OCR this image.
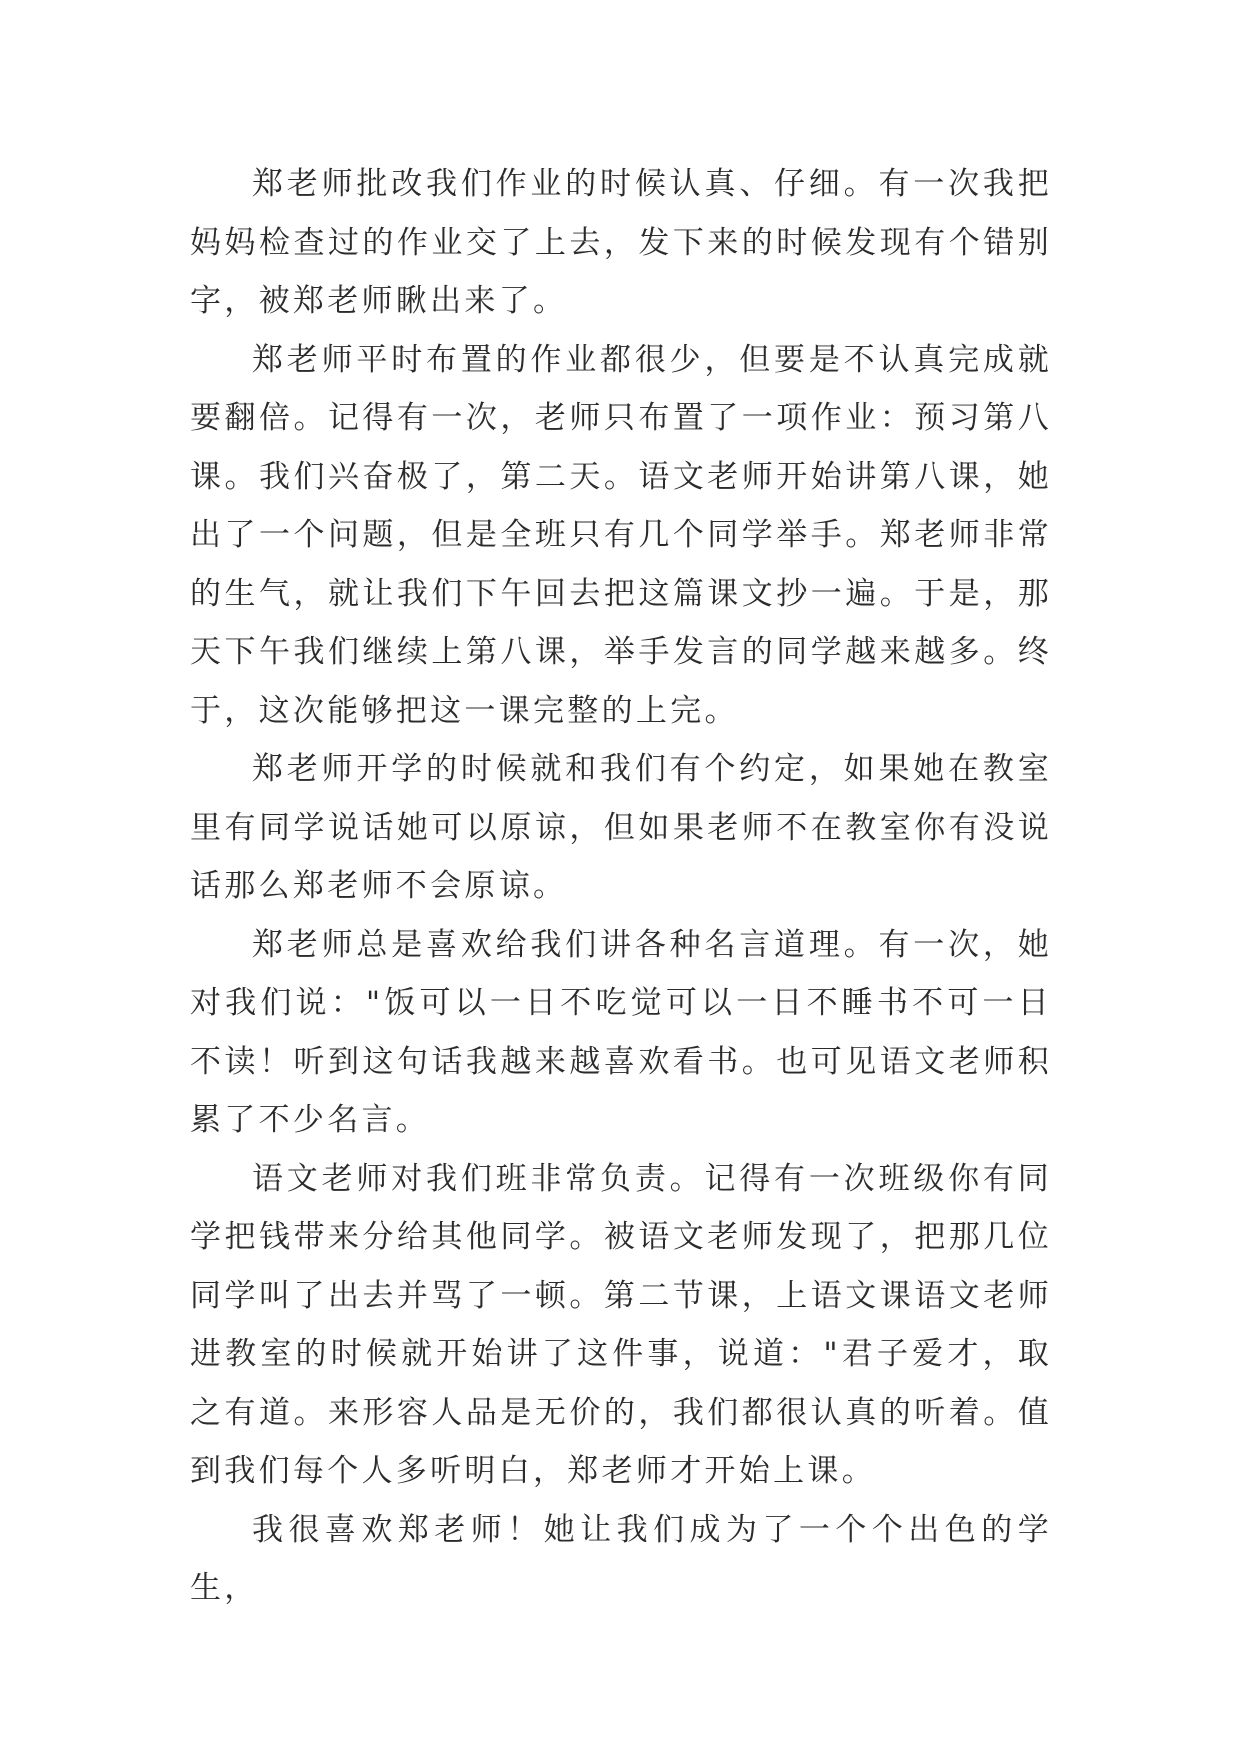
郑老师批改我们作业的时候认真、仔细。有一次我把妈妈检查过的作业交了上去，发下来的时候发现有个错别字，被郑老师瞅出来了。

郑老师平时布置的作业都很少，但要是不认真完成就要翻倍。记得有一次，老师只布置了一项作业：预习第八课。我们兴奋极了，第二天。语文老师开始讲第八课，她出了一个问题，但是全班只有几个同学举手。郑老师非常的生气，就让我们下午回去把这篇课文抄一遍。于是，那天下午我们继续上第八课，举手发言的同学越来越多。终于，这次能够把这一课完整的上完。

郑老师开学的时候就和我们有个约定，如果她在教室里有同学说话她可以原谅，但如果老师不在教室你有没说话那么郑老师不会原谅。

郑老师总是喜欢给我们讲各种名言道理。有一次，她对我们说："饭可以一日不吃觉可以一日不睡书不可一日不读！听到这句话我越来越喜欢看书。也可见语文老师积累了不少名言。

语文老师对我们班非常负责。记得有一次班级你有同学把钱带来分给其他同学。被语文老师发现了，把那几位同学叫了出去并骂了一顿。第二节课，上语文课语文老师进教室的时候就开始讲了这件事，说道："君子爱才，取之有道。来形容人品是无价的，我们都很认真的听着。值到我们每个人多听明白，郑老师才开始上课。

我很喜欢郑老师！她让我们成为了一个个出色的学生，
